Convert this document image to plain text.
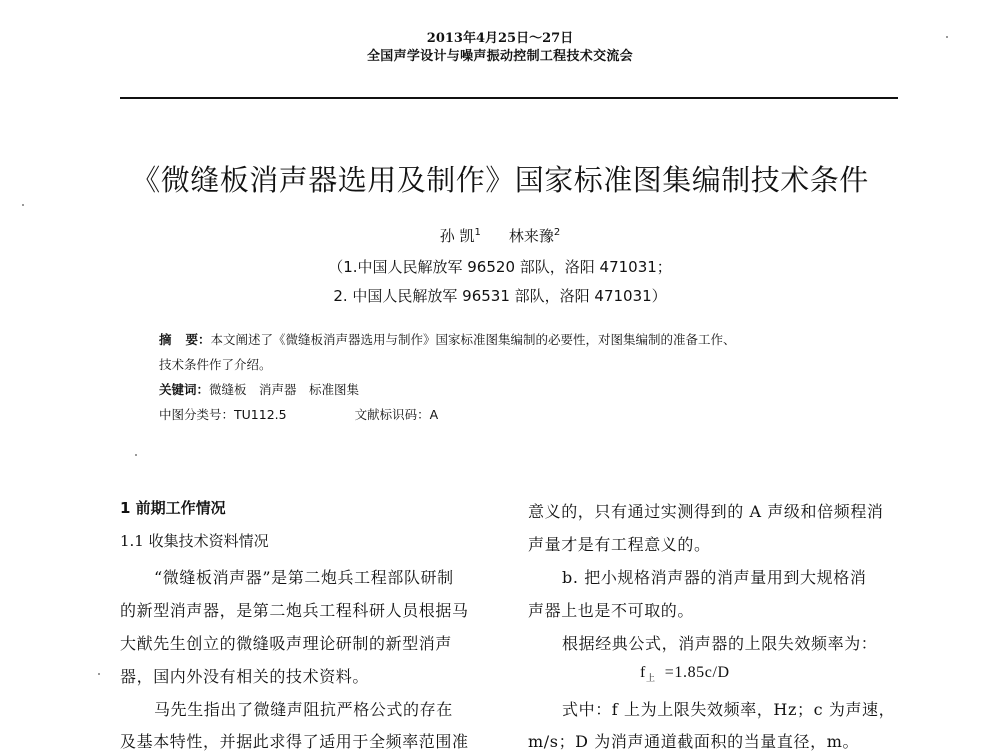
2013年4月25日～27日
全国声学设计与噪声振动控制工程技术交流会
《微缝板消声器选用及制作》国家标准图集编制技术条件
孙 凯$^1$ 林来豫$^2$
（1.中国人民解放军 96520 部队，洛阳 471031；
2. 中国人民解放军 96531 部队，洛阳 471031）
摘 要：本文阐述了《微缝板消声器选用与制作》国家标准图集编制的必要性，对图集编制的准备工作、
技术条件作了介绍。
关键词：微缝板　消声器　标准图集
中图分类号：TU112.5	文献标识码：A
1 前期工作情况
1.1 收集技术资料情况
“微缝板消声器”是第二炮兵工程部队研制
的新型消声器，是第二炮兵工程科研人员根据马
大猷先生创立的微缝吸声理论研制的新型消声
器，国内外没有相关的技术资料。
马先生指出了微缝声阻抗严格公式的存在
及基本特性，并据此求得了适用于全频率范围准
意义的，只有通过实测得到的 A 声级和倍频程消
声量才是有工程意义的。
b. 把小规格消声器的消声量用到大规格消
声器上也是不可取的。
根据经典公式，消声器的上限失效频率为：
$f_上 =1.85c/D$
式中：f 上为上限失效频率，Hz；c 为声速，
m/s；D 为消声通道截面积的当量直径，m。
